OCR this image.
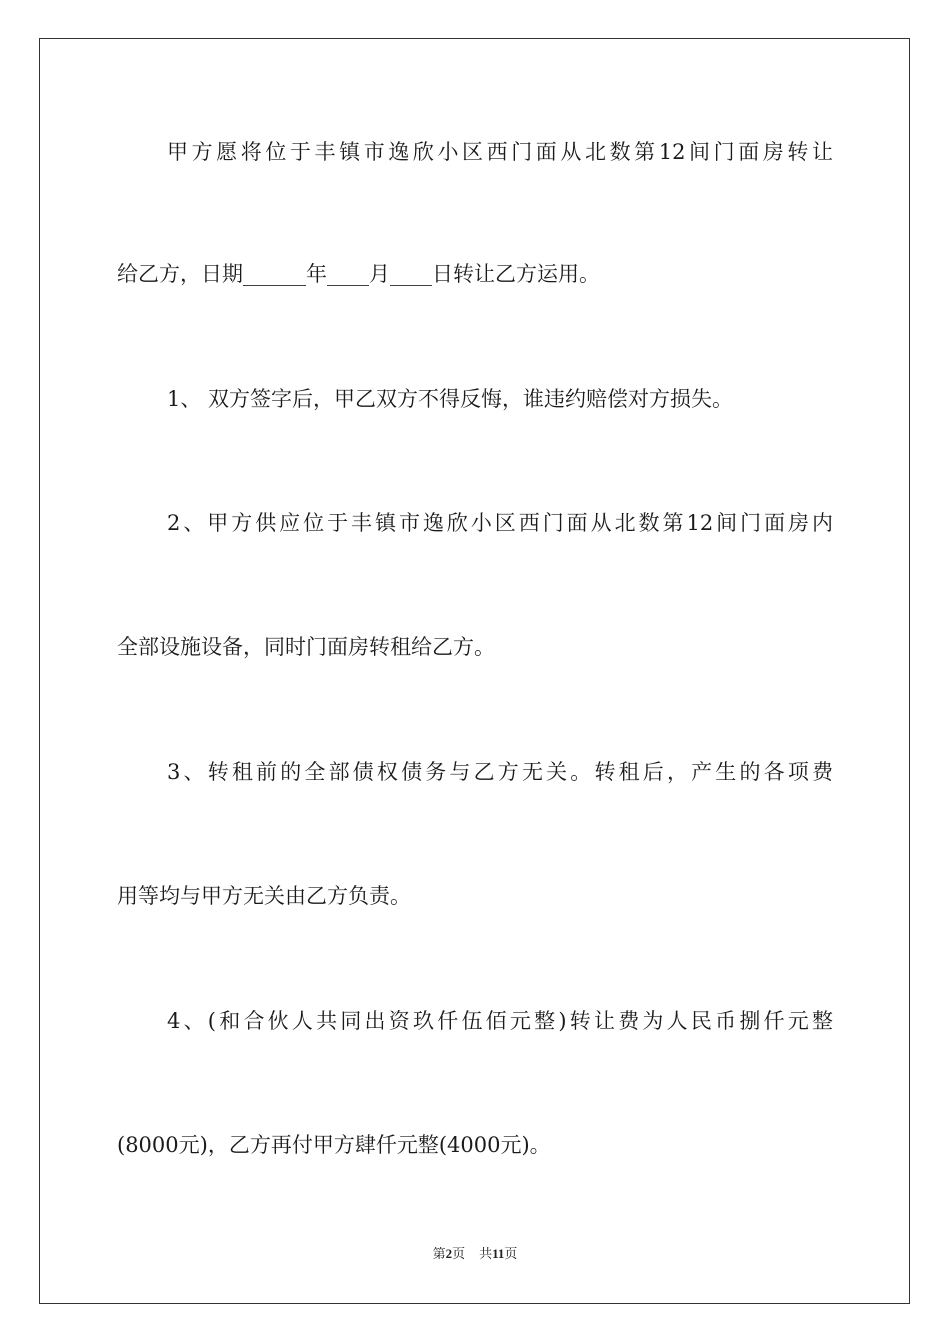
甲方愿将位于丰镇市逸欣小区西门面从北数第12间门面房转让

给乙方，日期______年____月____日转让乙方运用。

1、 双方签字后，甲乙双方不得反悔，谁违约赔偿对方损失。

2、甲方供应位于丰镇市逸欣小区西门面从北数第12间门面房内

全部设施设备，同时门面房转租给乙方。

3、转租前的全部债权债务与乙方无关。转租后，产生的各项费

用等均与甲方无关由乙方负责。

4、(和合伙人共同出资玖仟伍佰元整)转让费为人民币捌仟元整

(8000元)，乙方再付甲方肆仟元整(4000元)。

第2页 共11页
